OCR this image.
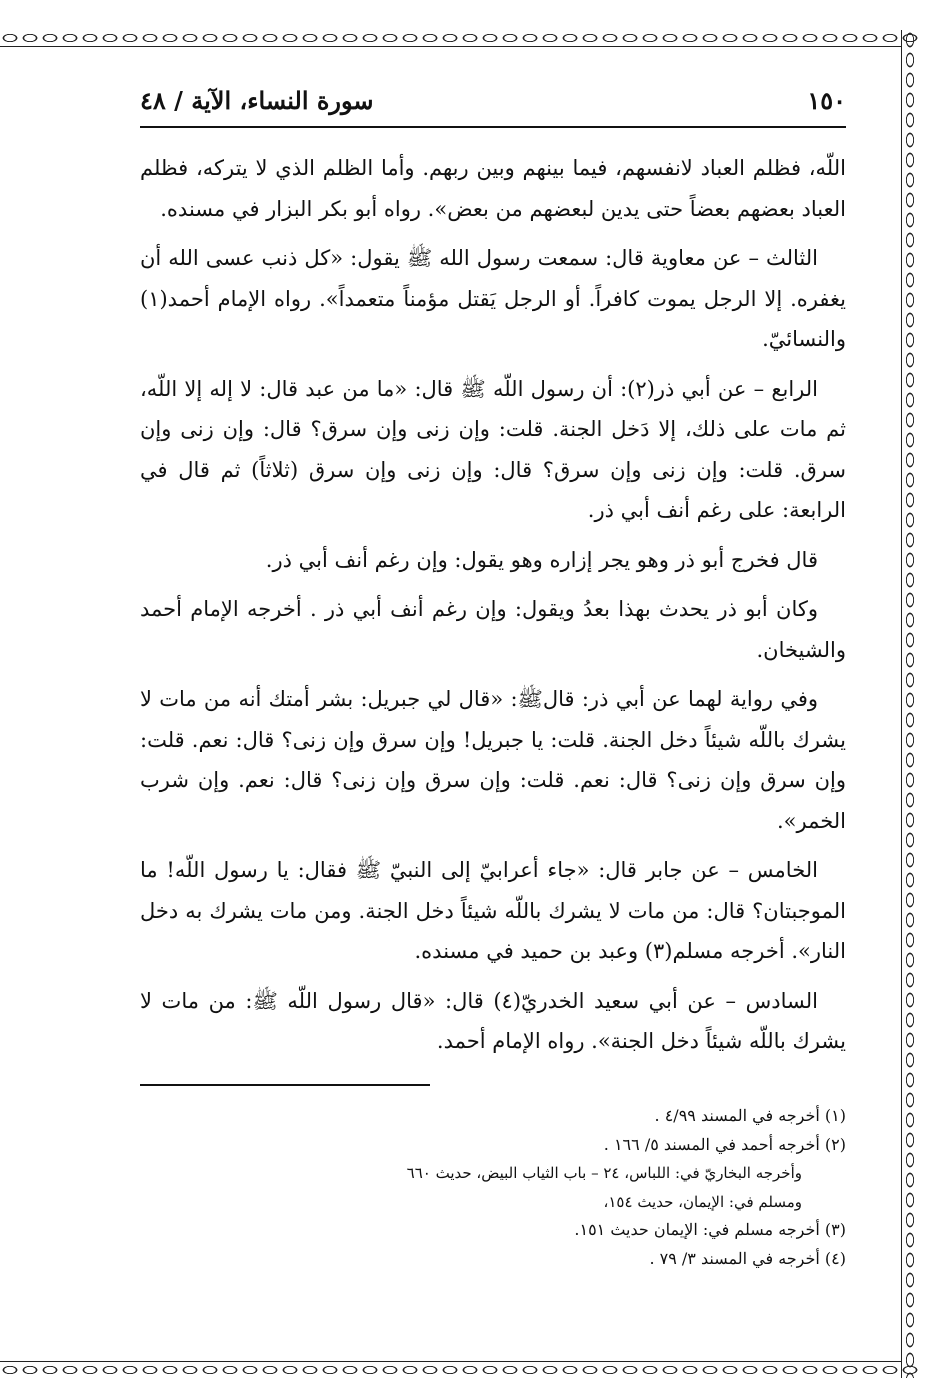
١٥٠
سورة النساء، الآية / ٤٨

اللّه، فظلم العباد لانفسهم، فيما بينهم وبين ربهم. وأما الظلم الذي لا يتركه، فظلم العباد بعضهم بعضاً حتى يدين لبعضهم من بعض». رواه أبو بكر البزار في مسنده.

الثالث – عن معاوية قال: سمعت رسول الله ﷺ يقول: «كل ذنب عسى الله أن يغفره. إلا الرجل يموت كافراً. أو الرجل يَقتل مؤمناً متعمداً». رواه الإمام أحمد(١) والنسائيّ.

الرابع – عن أبي ذر(٢): أن رسول اللّه ﷺ قال: «ما من عبد قال: لا إله إلا اللّه، ثم مات على ذلك، إلا دَخل الجنة. قلت: وإن زنى وإن سرق؟ قال: وإن زنى وإن سرق. قلت: وإن زنى وإن سرق؟ قال: وإن زنى وإن سرق (ثلاثاً) ثم قال في الرابعة: على رغم أنف أبي ذر.

قال فخرج أبو ذر وهو يجر إزاره وهو يقول: وإن رغم أنف أبي ذر.

وكان أبو ذر يحدث بهذا بعدُ ويقول: وإن رغم أنف أبي ذر . أخرجه الإمام أحمد والشيخان.

وفي رواية لهما عن أبي ذر: قالﷺ: «قال لي جبريل: بشر أمتك أنه من مات لا يشرك باللّه شيئاً دخل الجنة. قلت: يا جبريل! وإن سرق وإن زنى؟ قال: نعم. قلت: وإن سرق وإن زنى؟ قال: نعم. قلت: وإن سرق وإن زنى؟ قال: نعم. وإن شرب الخمر».

الخامس – عن جابر قال: «جاء أعرابيّ إلى النبيّ ﷺ فقال: يا رسول اللّه! ما الموجبتان؟ قال: من مات لا يشرك باللّه شيئاً دخل الجنة. ومن مات يشرك به دخل النار». أخرجه مسلم(٣) وعبد بن حميد في مسنده.

السادس – عن أبي سعيد الخدريّ(٤) قال: «قال رسول اللّه ﷺ: من مات لا يشرك باللّه شيئاً دخل الجنة». رواه الإمام أحمد.

(١) أخرجه في المسند ٤/٩٩ .
(٢) أخرجه أحمد في المسند ٥/ ١٦٦ .
وأخرجه البخاريّ في: اللباس، ٢٤ – باب الثياب البيض، حديث ٦٦٠
ومسلم في: الإيمان، حديث ١٥٤،
(٣) أخرجه مسلم في: الإيمان حديث ١٥١.
(٤) أخرجه في المسند ٣/ ٧٩ .
